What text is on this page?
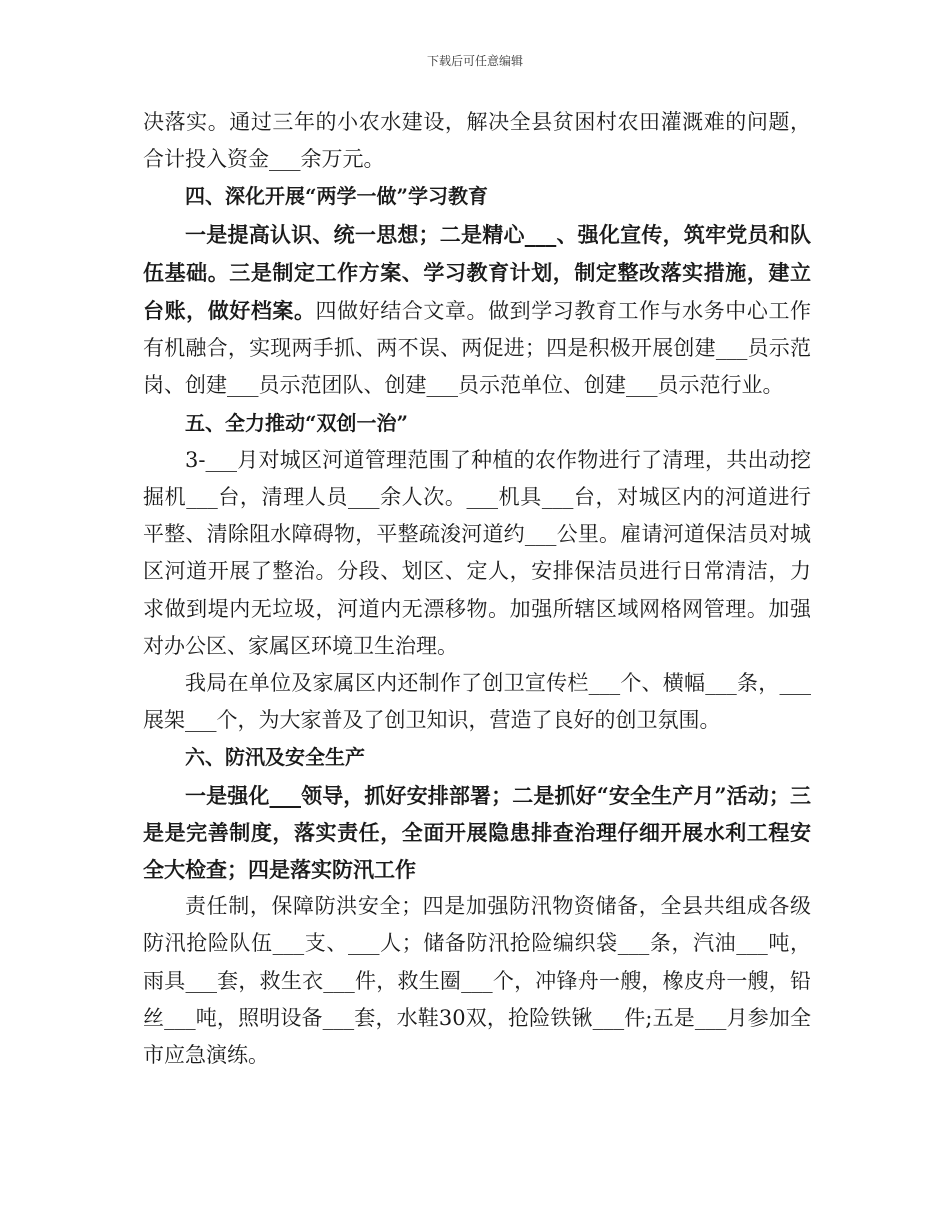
下载后可任意编辑

决落实。通过三年的小农水建设，解决全县贫困村农田灌溉难的问题，合计投入资金___余万元。

四、深化开展“两学一做”学习教育

一是提高认识、统一思想；二是精心___、强化宣传，筑牢党员和队伍基础。三是制定工作方案、学习教育计划，制定整改落实措施，建立台账，做好档案。四做好结合文章。做到学习教育工作与水务中心工作有机融合，实现两手抓、两不误、两促进；四是积极开展创建___员示范岗、创建___员示范团队、创建___员示范单位、创建___员示范行业。

五、全力推动“双创一治”

3-___月对城区河道管理范围了种植的农作物进行了清理，共出动挖掘机___台，清理人员___余人次。___机具___台，对城区内的河道进行平整、清除阻水障碍物，平整疏浚河道约___公里。雇请河道保洁员对城区河道开展了整治。分段、划区、定人，安排保洁员进行日常清洁，力求做到堤内无垃圾，河道内无漂移物。加强所辖区域网格网管理。加强对办公区、家属区环境卫生治理。

我局在单位及家属区内还制作了创卫宣传栏___个、横幅___条，___展架___个，为大家普及了创卫知识，营造了良好的创卫氛围。

六、防汛及安全生产

一是强化___领导，抓好安排部署；二是抓好“安全生产月”活动；三是是完善制度，落实责任，全面开展隐患排查治理仔细开展水利工程安全大检查；四是落实防汛工作

责任制，保障防洪安全；四是加强防汛物资储备，全县共组成各级防汛抢险队伍___支、___人；储备防汛抢险编织袋___条，汽油___吨，雨具___套，救生衣___件，救生圈___个，冲锋舟一艘，橡皮舟一艘，铅丝___吨，照明设备___套，水鞋30双，抢险铁锹___件;五是___月参加全市应急演练。
